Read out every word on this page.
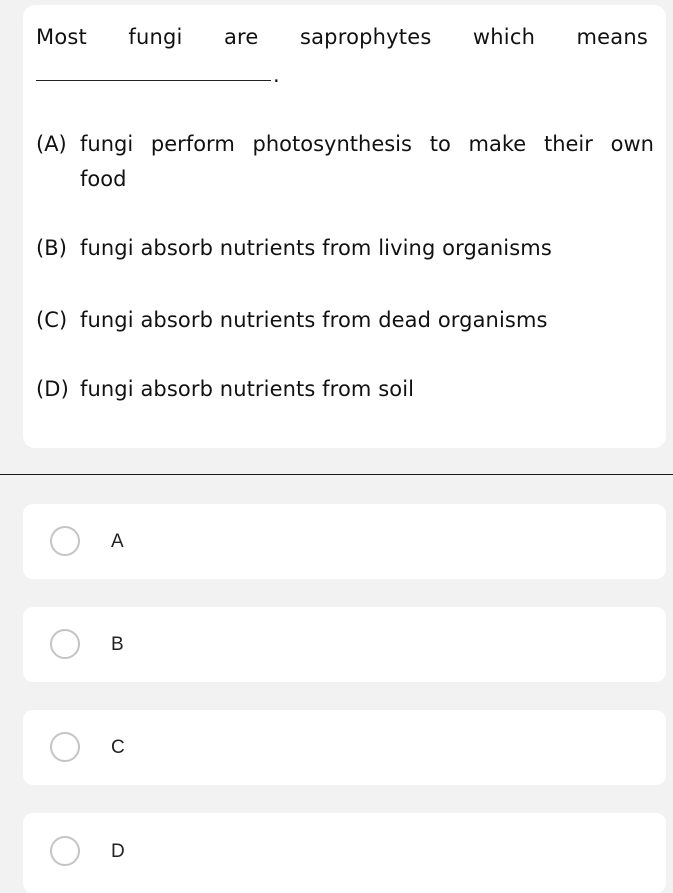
Most fungi are saprophytes which means
.
(A) fungi perform photosynthesis to make their own
food
(B) fungi absorb nutrients from living organisms
(C) fungi absorb nutrients from dead organisms
(D) fungi absorb nutrients from soil
A
B
C
D
